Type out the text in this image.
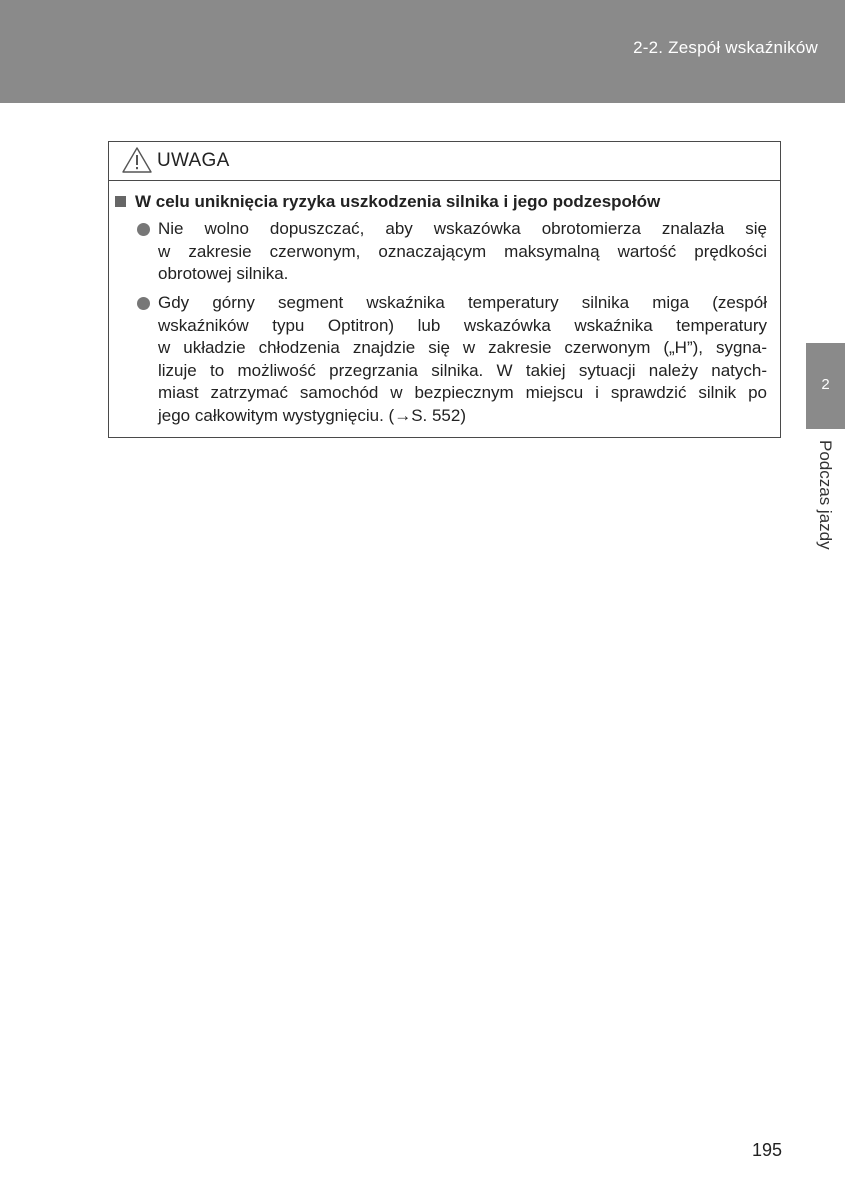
2-2. Zespół wskaźników
2
Podczas jazdy
UWAGA
W celu uniknięcia ryzyka uszkodzenia silnika i jego podzespołów
Nie wolno dopuszczać, aby wskazówka obrotomierza znalazła się
w zakresie czerwonym, oznaczającym maksymalną wartość prędkości
obrotowej silnika.
Gdy górny segment wskaźnika temperatury silnika miga (zespół
wskaźników typu Optitron) lub wskazówka wskaźnika temperatury
w układzie chłodzenia znajdzie się w zakresie czerwonym („H”), sygna-
lizuje to możliwość przegrzania silnika. W takiej sytuacji należy natych-
miast zatrzymać samochód w bezpiecznym miejscu i sprawdzić silnik po
jego całkowitym wystygnięciu. (→S. 552)
195
